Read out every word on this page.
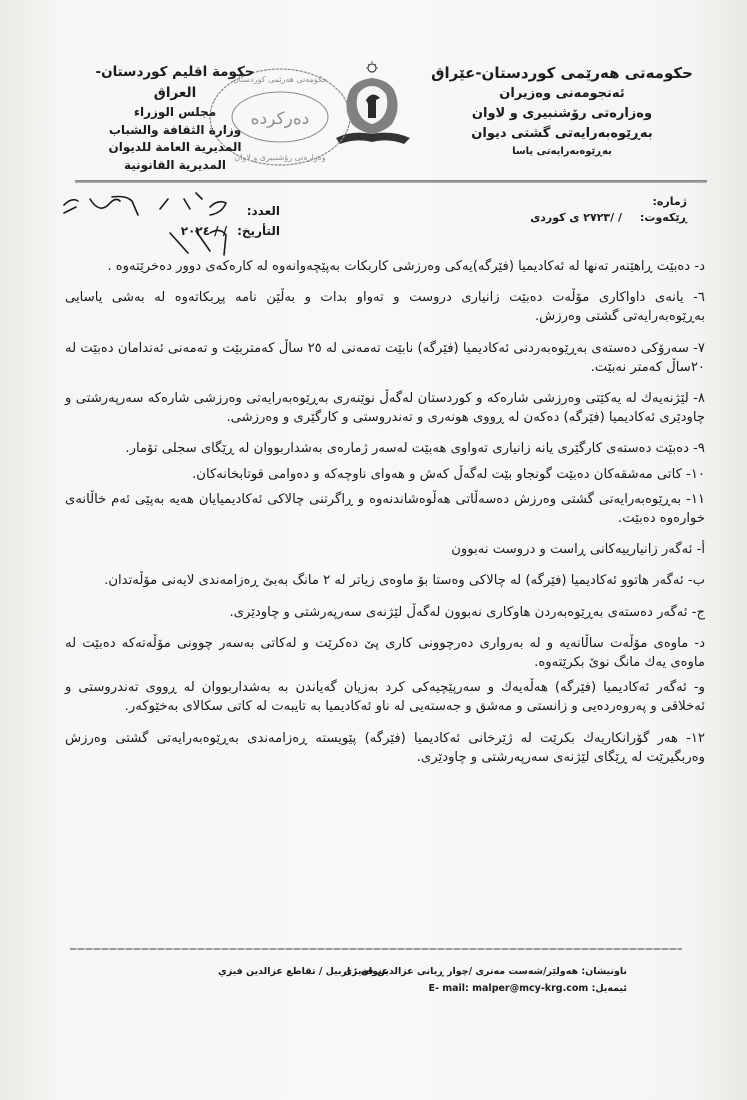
حکومەتی هەرێمی کوردستان-عێراق
ئەنجومەنی وەزیران
وەزارەتی رۆشنبیری و لاوان
بەڕێوەبەرایەتی گشتی دیوان
بەڕێوەبەرایەتی یاسا
دەرکردە
حکومەتی هەرێمی کوردستان
وەزارەتی رۆشنبیری و لاوان
حكومة اقليم كوردستان-العراق
مجلس الوزراء
وزارة الثقافة والشباب
المديرية العامة للديوان
المديرية القانونية
ژمارە:
ڕێکەوت:
/ /٢٧٢٣ ی کوردی
العدد:
التأريخ:
/ / ٢٠٢٤

د- دەبێت ڕاهێنەر تەنها لە ئەکادیمیا (فێرگە)یەکی وەرزشی کاربکات بەپێچەوانەوە لە کارەکەی دوور دەخرێتەوە .

٦- یانەی داواکاری مۆڵەت دەبێت زانیاری دروست و تەواو بدات و بەڵێن نامە پڕبکاتەوە لە بەشی یاسایی بەڕێوەبەرایەتی گشتی وەرزش.

٧- سەرۆکی دەستەی بەڕێوەبەردنی ئەکادیمیا (فێرگە) نابێت تەمەنی لە ٢٥ ساڵ کەمتربێت و تەمەنی ئەندامان دەبێت لە ٢٠ساڵ کەمتر نەبێت.

٨- لێژنەیەك لە یەکێتی وەرزشی شارەکە و کوردستان لەگەڵ نوێنەری بەڕێوەبەرایەتی وەرزشی شارەکە سەرپەرشتی و چاودێری ئەکادیمیا (فێرگە) دەکەن لە ڕووی هونەری و تەندروستی و کارگێری و وەرزشی.

٩- دەبێت دەستەی کارگێری یانە زانیاری تەواوی هەبێت لەسەر ژمارەی بەشداربووان لە ڕێگای سجلی تۆمار.

١٠- کاتی مەشقەکان دەبێت گونجاو بێت لەگەڵ کەش و هەوای ناوچەکە و دەوامی قوتابخانەکان.

١١- بەڕێوەبەرایەتی گشتی وەرزش دەسەڵاتی هەڵوەشاندنەوە و ڕاگرتنی چالاکی ئەکادیمیایان هەیە بەپێی ئەم خاڵانەی خوارەوە دەبێت.

أ- ئەگەر زانیارییەکانی ڕاست و دروست نەبوون

ب- ئەگەر هاتوو ئەکادیمیا (فێرگە) لە چالاکی وەستا بۆ ماوەی زیاتر لە ٢ مانگ بەبێ ڕەزامەندی لایەنی مۆڵەتدان.

ج- ئەگەر دەستەی بەڕێوەبەردن هاوکاری نەبوون لەگەڵ لێژنەی سەرپەرشتی و چاودێری.

د- ماوەی مۆڵەت ساڵانەیە و لە بەرواری دەرچوونی کاری پێ دەکرێت و لەکاتی بەسەر چوونی مۆڵەتەکە دەبێت لە ماوەی یەك مانگ نوێ بکرێتەوە.

و- ئەگەر ئەکادیمیا (فێرگە) هەڵەیەك و سەرپێچیەکی کرد بەزیان گەیاندن بە بەشداربووان لە ڕووی تەندروستی و ئەخلاقی و پەروەردەیی و زانستی و مەشق و جەستەیی لە ناو ئەکادیمیا بە تایبەت لە کاتی سکالای بەخێوکەر.

١٢- هەر گۆرانکاریەك بکرێت لە ژێرخانی ئەکادیمیا (فێرگە) پێویستە ڕەزامەندی بەڕێوەبەرایەتی گشتی وەرزش وەربگیرێت لە ڕێگای لێژنەی سەرپەرشتی و چاودێری.

ناونیشان: هەولێر/شەست مەتری /چوار ڕیانی عزالدین فەیزی
ئیمەیل: E- mail: malper@mcy-krg.com
عنوان : اربيل / تقاطع عزالدين فيزي
